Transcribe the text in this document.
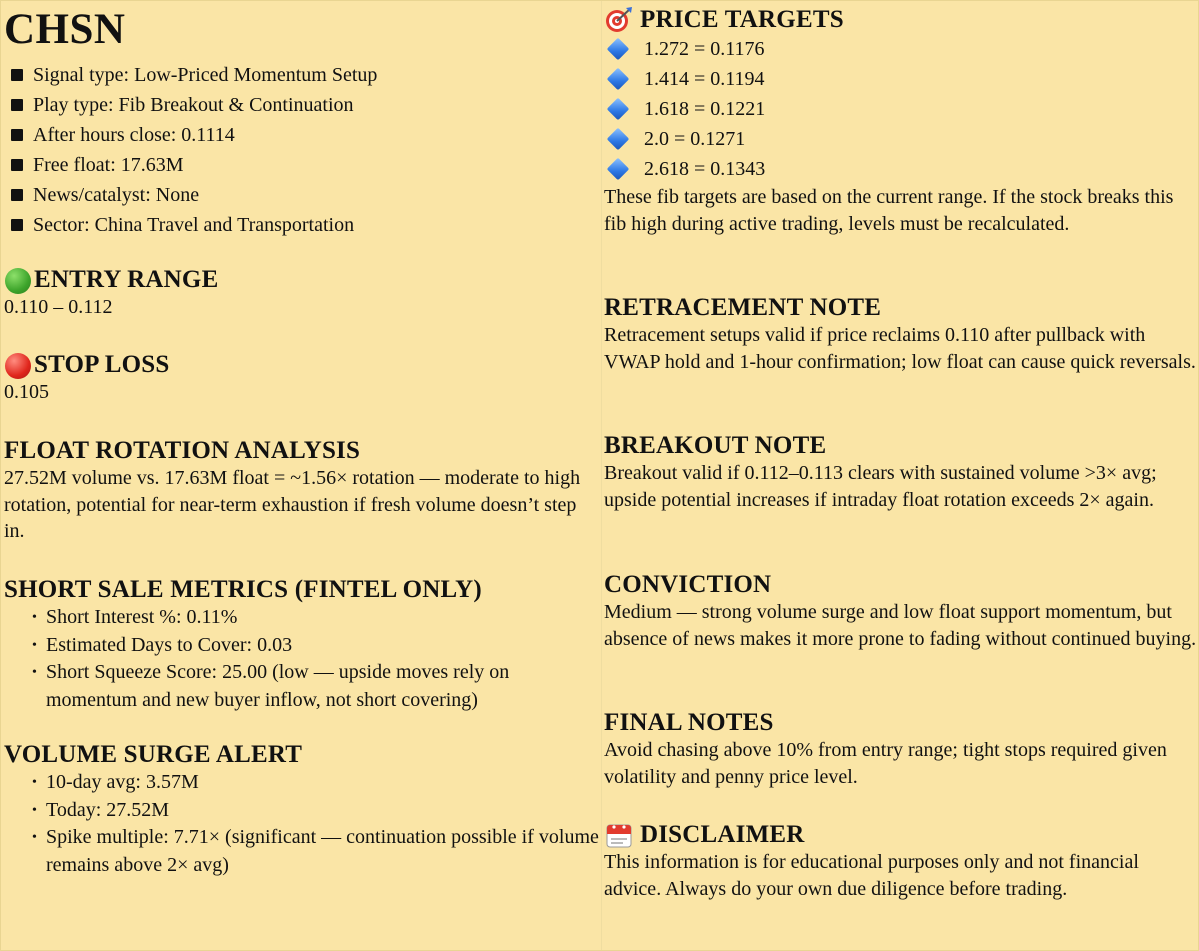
CHSN
Signal type: Low-Priced Momentum Setup
Play type: Fib Breakout & Continuation
After hours close: 0.1114
Free float: 17.63M
News/catalyst: None
Sector: China Travel and Transportation
ENTRY RANGE
0.110 – 0.112
STOP LOSS
0.105
FLOAT ROTATION ANALYSIS
27.52M volume vs. 17.63M float = ~1.56× rotation — moderate to high rotation, potential for near-term exhaustion if fresh volume doesn’t step in.
SHORT SALE METRICS (FINTEL ONLY)
• Short Interest %: 0.11%
• Estimated Days to Cover: 0.03
• Short Squeeze Score: 25.00 (low — upside moves rely on momentum and new buyer inflow, not short covering)
VOLUME SURGE ALERT
• 10-day avg: 3.57M
• Today: 27.52M
• Spike multiple: 7.71× (significant — continuation possible if volume remains above 2× avg)
PRICE TARGETS
1.272 = 0.1176
1.414 = 0.1194
1.618 = 0.1221
2.0 = 0.1271
2.618 = 0.1343
These fib targets are based on the current range. If the stock breaks this fib high during active trading, levels must be recalculated.
RETRACEMENT NOTE
Retracement setups valid if price reclaims 0.110 after pullback with VWAP hold and 1-hour confirmation; low float can cause quick reversals.
BREAKOUT NOTE
Breakout valid if 0.112–0.113 clears with sustained volume >3× avg; upside potential increases if intraday float rotation exceeds 2× again.
CONVICTION
Medium — strong volume surge and low float support momentum, but absence of news makes it more prone to fading without continued buying.
FINAL NOTES
Avoid chasing above 10% from entry range; tight stops required given volatility and penny price level.
DISCLAIMER
This information is for educational purposes only and not financial advice. Always do your own due diligence before trading.
